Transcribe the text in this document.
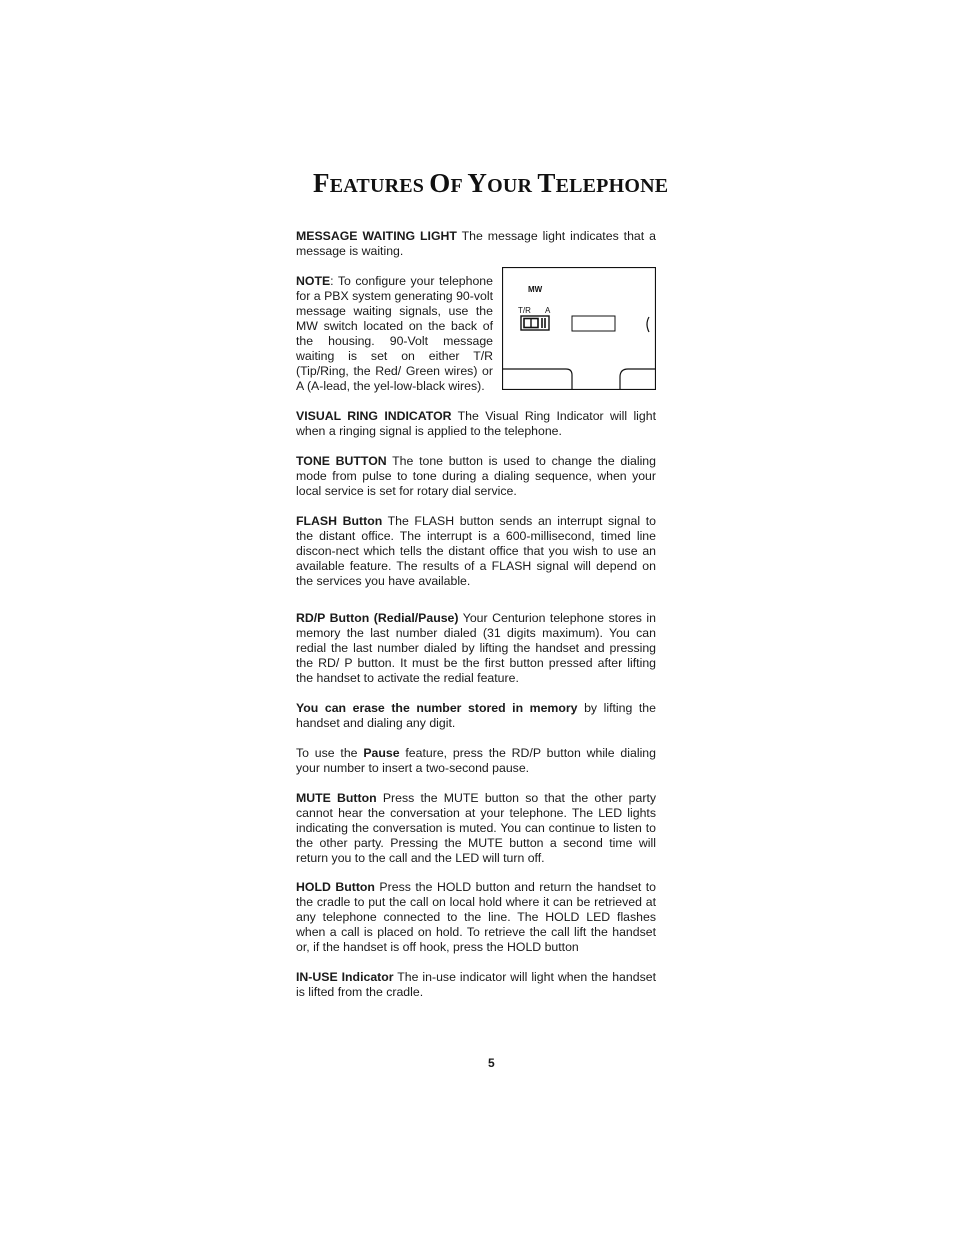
FEATURES OF YOUR TELEPHONE

MESSAGE WAITING LIGHT The message light indicates that a message is waiting.

NOTE: To configure your telephone for a PBX system generating 90-volt message waiting signals, use the MW switch located on the back of the housing. 90-Volt message waiting is set on either T/R (Tip/Ring, the Red/ Green wires) or A (A-lead, the yel-low-black wires).

MW
T/R A

VISUAL RING INDICATOR The Visual Ring Indicator will light when a ringing signal is applied to the telephone.

TONE BUTTON The tone button is used to change the dialing mode from pulse to tone during a dialing sequence, when your local service is set for rotary dial service.

FLASH Button The FLASH button sends an interrupt signal to the distant office. The interrupt is a 600-millisecond, timed line discon-nect which tells the distant office that you wish to use an available feature. The results of a FLASH signal will depend on the services you have available.

RD/P Button (Redial/Pause) Your Centurion telephone stores in memory the last number dialed (31 digits maximum). You can redial the last number dialed by lifting the handset and pressing the RD/ P button. It must be the first button pressed after lifting the handset to activate the redial feature.

You can erase the number stored in memory by lifting the handset and dialing any digit.

To use the Pause feature, press the RD/P button while dialing your number to insert a two-second pause.

MUTE Button Press the MUTE button so that the other party cannot hear the conversation at your telephone. The LED lights indicating the conversation is muted. You can continue to listen to the other party. Pressing the MUTE button a second time will return you to the call and the LED will turn off.

HOLD Button Press the HOLD button and return the handset to the cradle to put the call on local hold where it can be retrieved at any telephone connected to the line. The HOLD LED flashes when a call is placed on hold. To retrieve the call lift the handset or, if the handset is off hook, press the HOLD button

IN-USE Indicator The in-use indicator will light when the handset is lifted from the cradle.

5
